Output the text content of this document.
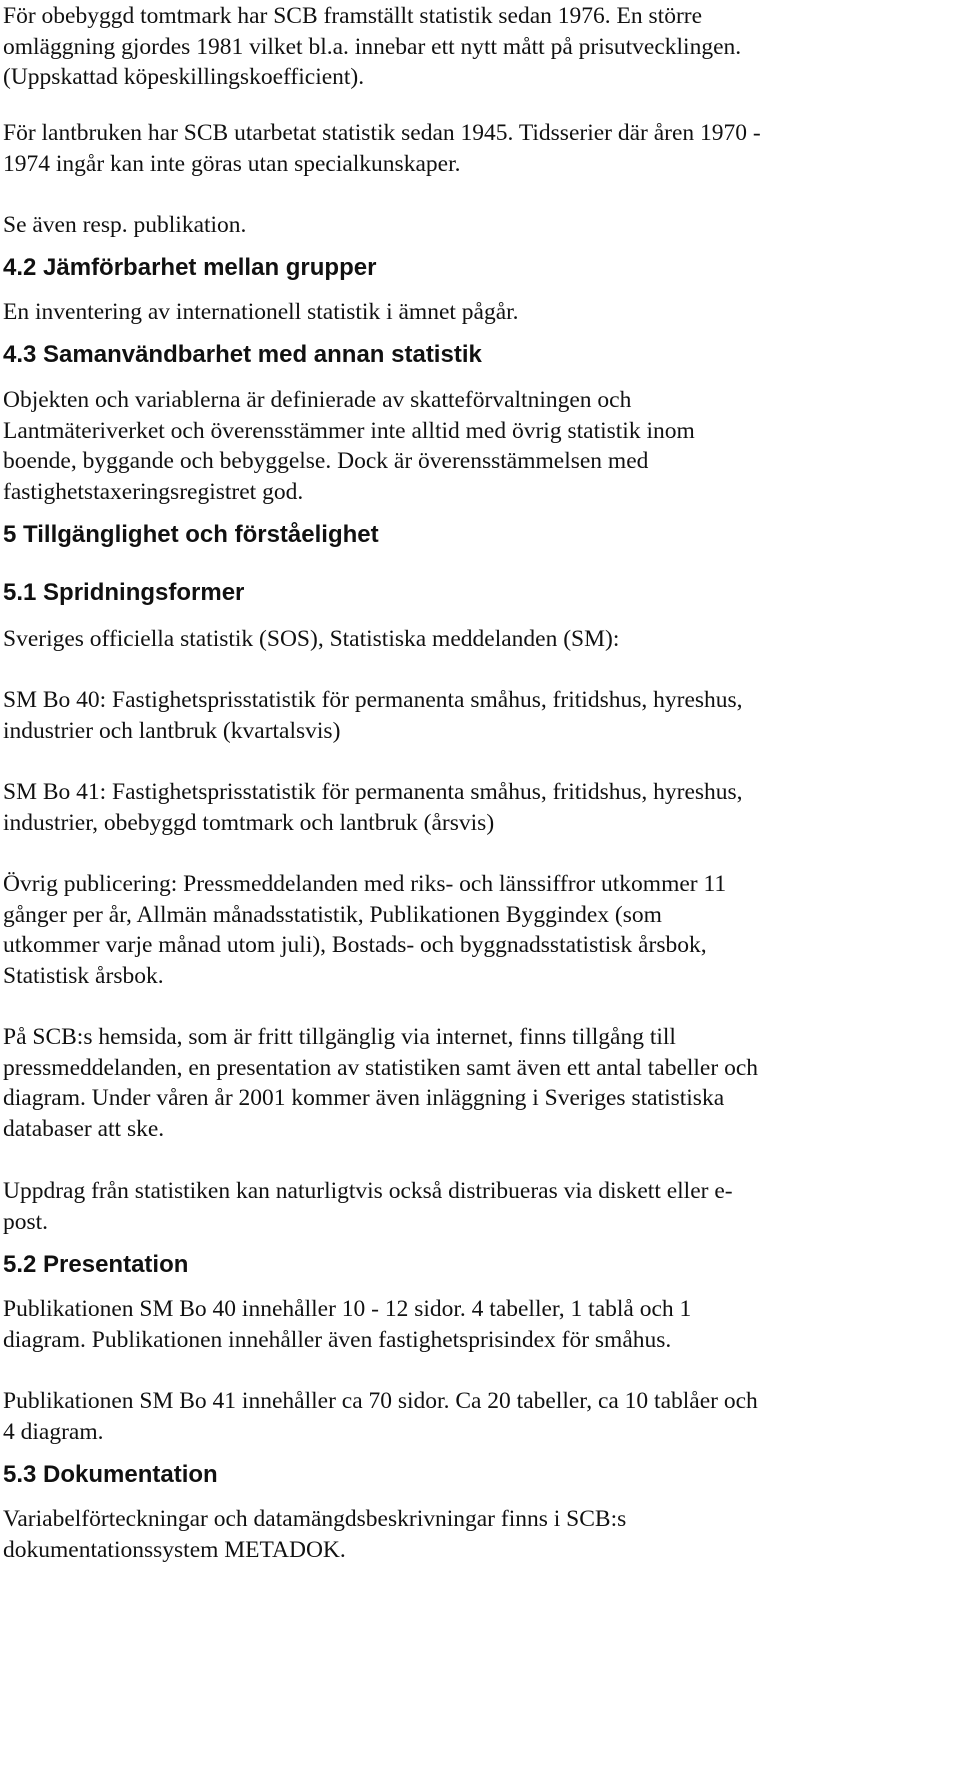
För obebyggd tomtmark har SCB framställt statistik sedan 1976. En större
omläggning gjordes 1981 vilket bl.a. innebar ett nytt mått på prisutvecklingen.
(Uppskattad köpeskillingskoefficient).

För lantbruken har SCB utarbetat statistik sedan 1945. Tidsserier där åren 1970 -
1974 ingår kan inte göras utan specialkunskaper.

Se även resp. publikation.

4.2 Jämförbarhet mellan grupper

En inventering av internationell statistik i ämnet pågår.

4.3 Samanvändbarhet med annan statistik

Objekten och variablerna är definierade av skatteförvaltningen och
Lantmäteriverket och överensstämmer inte alltid med övrig statistik inom
boende, byggande och bebyggelse. Dock är överensstämmelsen med
fastighetstaxeringsregistret god.

5 Tillgänglighet och förståelighet
5.1 Spridningsformer

Sveriges officiella statistik (SOS), Statistiska meddelanden (SM):

SM Bo 40: Fastighetsprisstatistik för permanenta småhus, fritidshus, hyreshus,
industrier och lantbruk (kvartalsvis)

SM Bo 41: Fastighetsprisstatistik för permanenta småhus, fritidshus, hyreshus,
industrier, obebyggd tomtmark och lantbruk (årsvis)

Övrig publicering: Pressmeddelanden med riks- och länssiffror utkommer 11
gånger per år, Allmän månadsstatistik, Publikationen Byggindex (som
utkommer varje månad utom juli), Bostads- och byggnadsstatistisk årsbok,
Statistisk årsbok.

På SCB:s hemsida, som är fritt tillgänglig via internet, finns tillgång till
pressmeddelanden, en presentation av statistiken samt även ett antal tabeller och
diagram. Under våren år 2001 kommer även inläggning i Sveriges statistiska
databaser att ske.

Uppdrag från statistiken kan naturligtvis också distribueras via diskett eller e-
post.

5.2 Presentation

Publikationen SM Bo 40 innehåller 10 - 12 sidor. 4 tabeller, 1 tablå och 1
diagram. Publikationen innehåller även fastighetsprisindex för småhus.

Publikationen SM Bo 41 innehåller ca 70 sidor. Ca 20 tabeller, ca 10 tablåer och
4 diagram.

5.3 Dokumentation

Variabelförteckningar och datamängdsbeskrivningar finns i SCB:s
dokumentationssystem METADOK.
